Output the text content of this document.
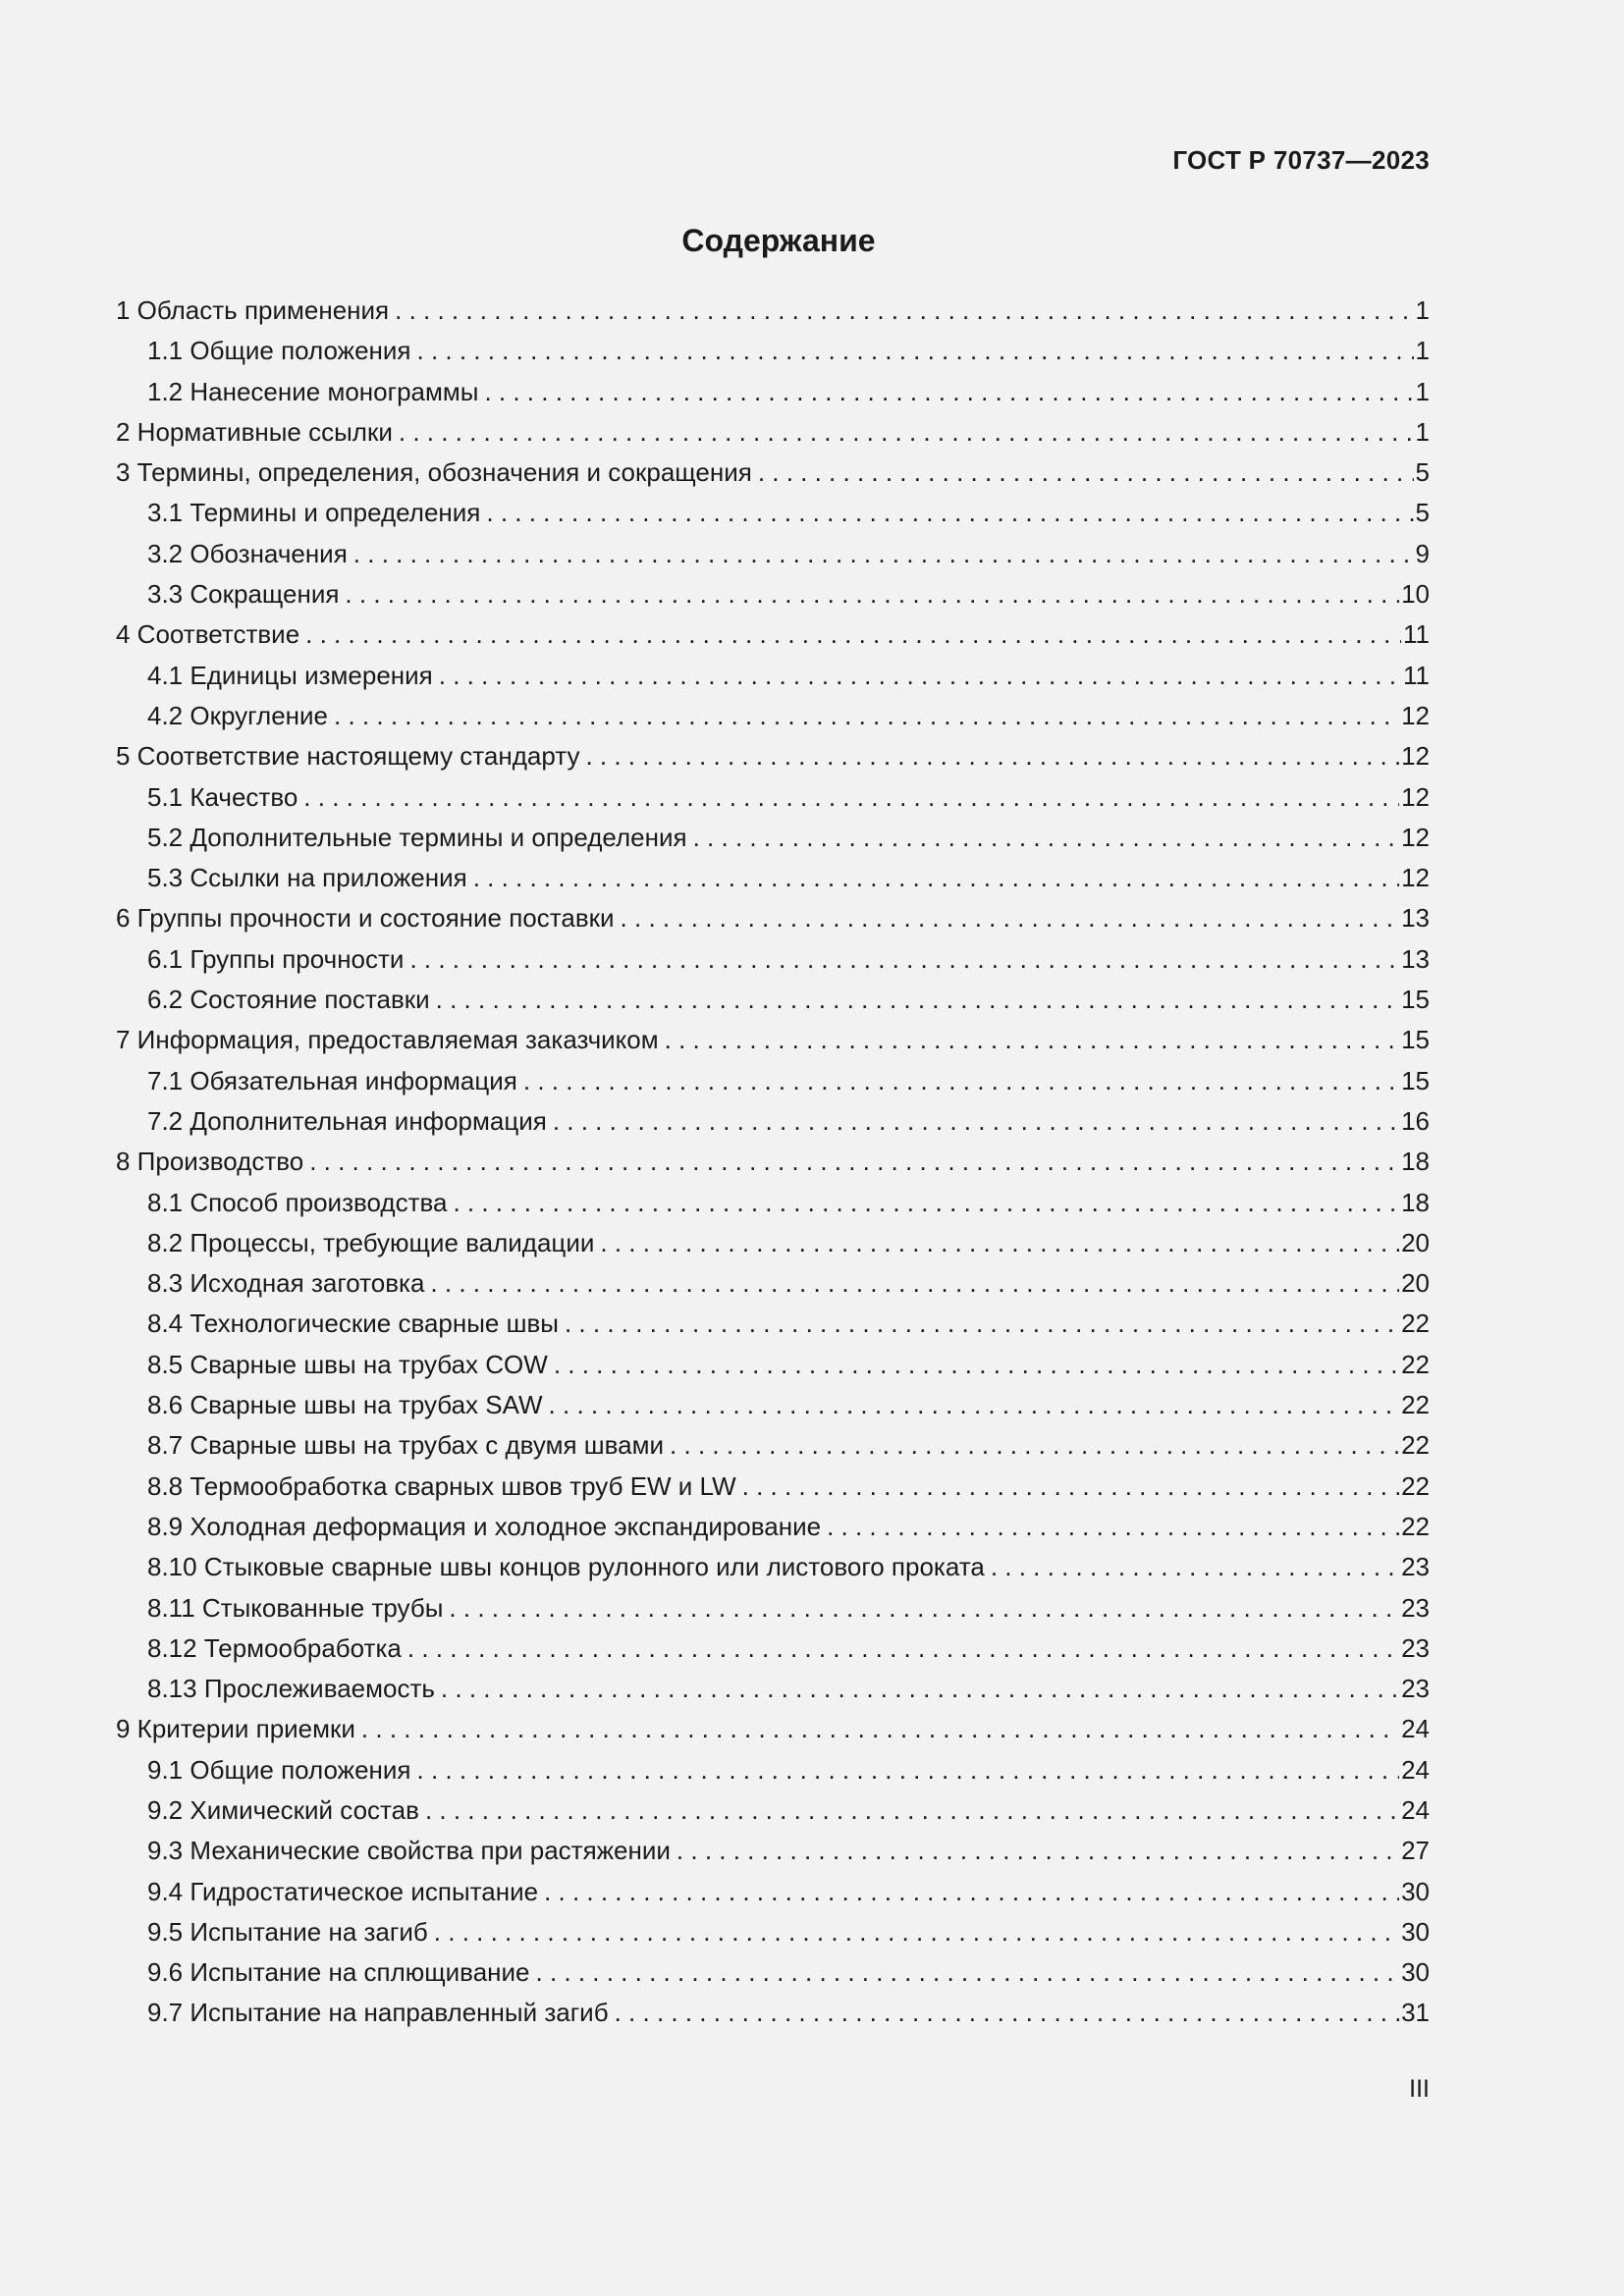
ГОСТ Р 70737—2023
Содержание
1 Область применения . . .	1
1.1 Общие положения . . .	1
1.2 Нанесение монограммы . . .	1
2 Нормативные ссылки . . .	1
3 Термины, определения, обозначения и сокращения . . .	5
3.1 Термины и определения . . .	5
3.2 Обозначения . . .	9
3.3 Сокращения . . .	10
4 Соответствие . . .	11
4.1 Единицы измерения . . .	11
4.2 Округление . . .	12
5 Соответствие настоящему стандарту . . .	12
5.1 Качество . . .	12
5.2 Дополнительные термины и определения . . .	12
5.3 Ссылки на приложения . . .	12
6 Группы прочности и состояние поставки . . .	13
6.1 Группы прочности . . .	13
6.2 Состояние поставки . . .	15
7 Информация, предоставляемая заказчиком . . .	15
7.1 Обязательная информация . . .	15
7.2 Дополнительная информация . . .	16
8 Производство . . .	18
8.1 Способ производства . . .	18
8.2 Процессы, требующие валидации . . .	20
8.3 Исходная заготовка . . .	20
8.4 Технологические сварные швы . . .	22
8.5 Сварные швы на трубах COW . . .	22
8.6 Сварные швы на трубах SAW . . .	22
8.7 Сварные швы на трубах с двумя швами . . .	22
8.8 Термообработка сварных швов труб EW и LW . . .	22
8.9 Холодная деформация и холодное экспандирование . . .	22
8.10 Стыковые сварные швы концов рулонного или листового проката . . .	23
8.11 Стыкованные трубы . . .	23
8.12 Термообработка . . .	23
8.13 Прослеживаемость . . .	23
9 Критерии приемки . . .	24
9.1 Общие положения . . .	24
9.2 Химический состав . . .	24
9.3 Механические свойства при растяжении . . .	27
9.4 Гидростатическое испытание . . .	30
9.5 Испытание на загиб . . .	30
9.6 Испытание на сплющивание . . .	30
9.7 Испытание на направленный загиб . . .	31
III
